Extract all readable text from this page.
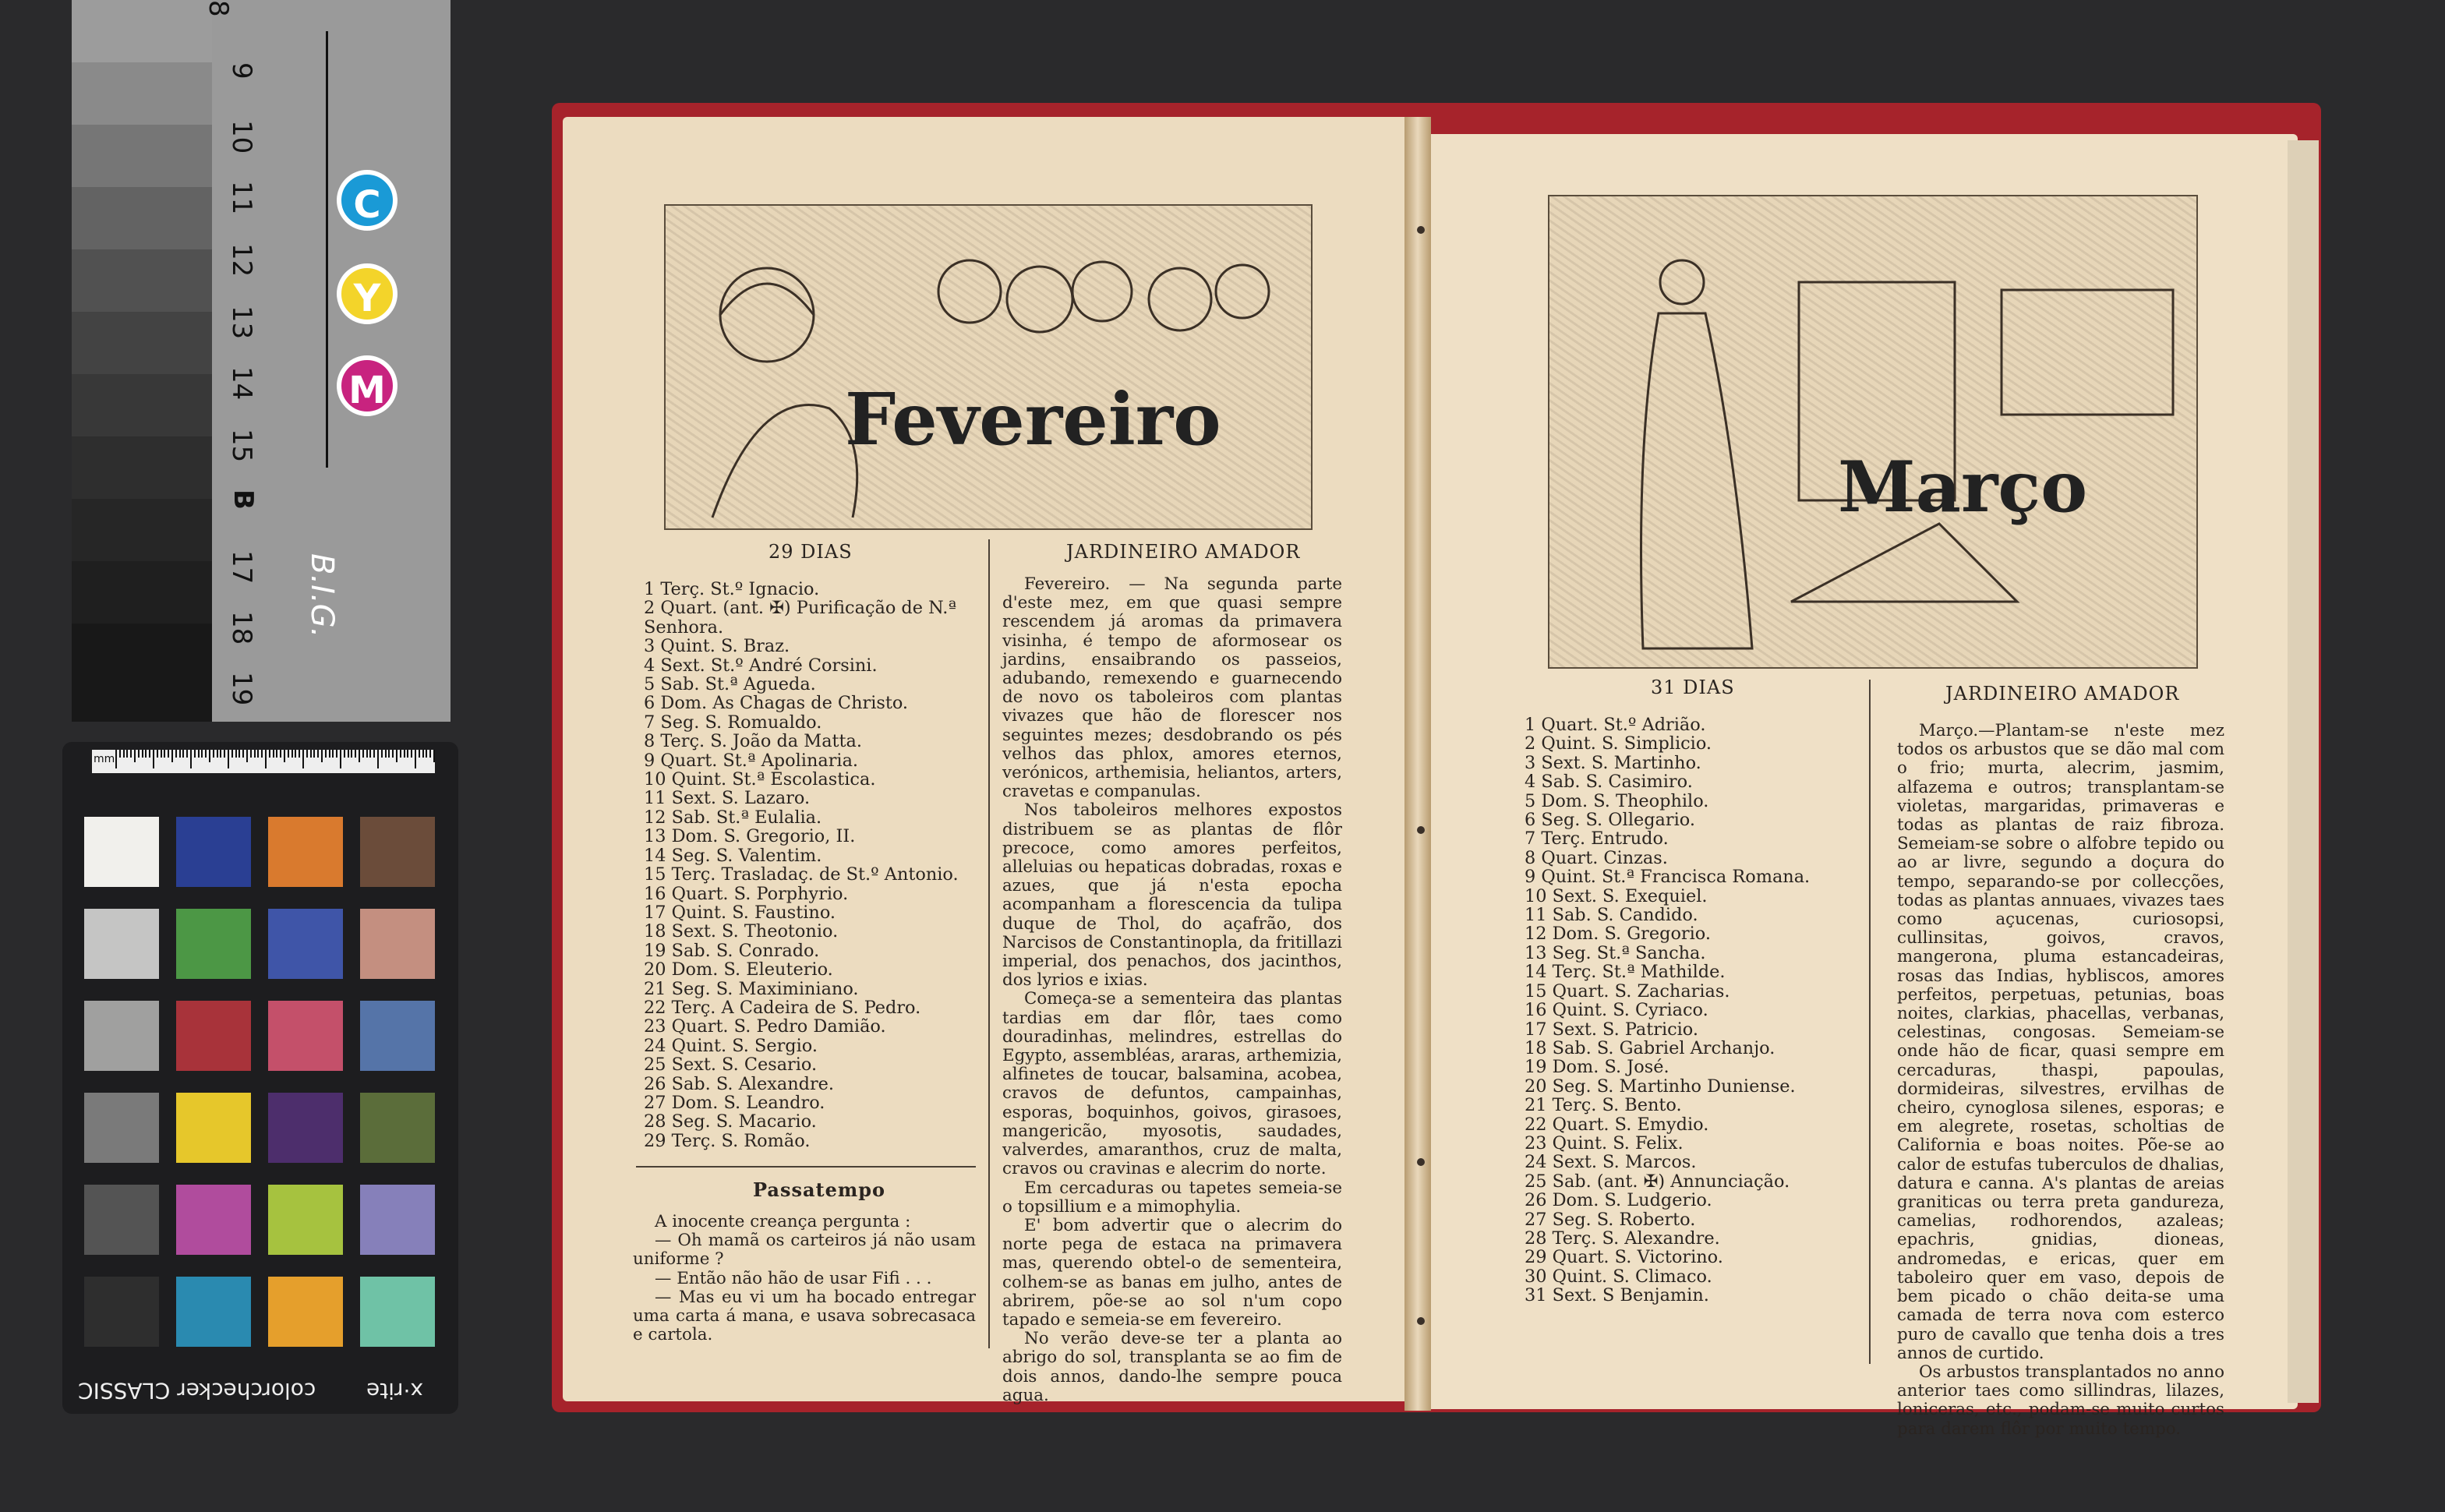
8
9
10
11
12
13
14
15
B
17
18
19
C
Y
M
B.I.G.
mm
x·rite
colorchecker CLASSIC
Fevereiro
29 DIAS	JARDINEIRO AMADOR
1 Terç. St.º Ignacio.
2 Quart. (ant. ✠) Purificação de N.ª
Senhora.
3 Quint. S. Braz.
4 Sext. St.º André Corsini.
5 Sab. St.ª Agueda.
6 Dom. As Chagas de Christo.
7 Seg. S. Romualdo.
8 Terç. S. João da Matta.
9 Quart. St.ª Apolinaria.
10 Quint. St.ª Escolastica.
11 Sext. S. Lazaro.
12 Sab. St.ª Eulalia.
13 Dom. S. Gregorio, II.
14 Seg. S. Valentim.
15 Terç. Trasladaç. de St.º Antonio.
16 Quart. S. Porphyrio.
17 Quint. S. Faustino.
18 Sext. S. Theotonio.
19 Sab. S. Conrado.
20 Dom. S. Eleuterio.
21 Seg. S. Maximiniano.
22 Terç. A Cadeira de S. Pedro.
23 Quart. S. Pedro Damião.
24 Quint. S. Sergio.
25 Sext. S. Cesario.
26 Sab. S. Alexandre.
27 Dom. S. Leandro.
28 Seg. S. Macario.
29 Terç. S. Romão.
Passatempo

A inocente creança pergunta :

— Oh mamã os carteiros já não usam uniforme ?

— Então não hão de usar Fifi . . .

— Mas eu vi um ha bocado entregar uma carta á mana, e usava sobrecasaca e cartola.

Fevereiro. — Na segunda parte d'este mez, em que quasi sempre rescendem já aromas da primavera visinha, é tempo de aformosear os jardins, ensaibrando os passeios, adubando, remexendo e guarnecendo de novo os taboleiros com plantas vivazes que hão de florescer nos seguintes mezes; desdobrando os pés velhos das phlox, amores eternos, verónicos, arthemisia, heliantos, arters, cravetas e companulas.

Nos taboleiros melhores expostos distribuem se as plantas de flôr precoce, como amores perfeitos, alleluias ou hepaticas dobradas, roxas e azues, que já n'esta epocha acompanham a florescencia da tulipa duque de Thol, do açafrão, dos Narcisos de Constantinopla, da fritillazi imperial, dos penachos, dos jacinthos, dos lyrios e ixias.

Começa-se a sementeira das plantas tardias em dar flôr, taes como douradinhas, melindres, estrellas do Egypto, assembléas, araras, arthemizia, alfinetes de toucar, balsamina, acobea, cravos de defuntos, campainhas, esporas, boquinhos, goivos, girasoes, mangericão, myosotis, saudades, valverdes, amaranthos, cruz de malta, cravos ou cravinas e alecrim do norte.

Em cercaduras ou tapetes semeia-se o topsillium e a mimophylia.

E' bom advertir que o alecrim do norte pega de estaca na primavera mas, querendo obtel-o de sementeira, colhem-se as banas em julho, antes de abrirem, põe-se ao sol n'um copo tapado e semeia-se em fevereiro.

No verão deve-se ter a planta ao abrigo do sol, transplanta se ao fim de dois annos, dando-lhe sempre pouca agua.

Março
31 DIAS	JARDINEIRO AMADOR
1 Quart. St.º Adrião.
2 Quint. S. Simplicio.
3 Sext. S. Martinho.
4 Sab. S. Casimiro.
5 Dom. S. Theophilo.
6 Seg. S. Ollegario.
7 Terç. Entrudo.
8 Quart. Cinzas.
9 Quint. St.ª Francisca Romana.
10 Sext. S. Exequiel.
11 Sab. S. Candido.
12 Dom. S. Gregorio.
13 Seg. St.ª Sancha.
14 Terç. St.ª Mathilde.
15 Quart. S. Zacharias.
16 Quint. S. Cyriaco.
17 Sext. S. Patricio.
18 Sab. S. Gabriel Archanjo.
19 Dom. S. José.
20 Seg. S. Martinho Duniense.
21 Terç. S. Bento.
22 Quart. S. Emydio.
23 Quint. S. Felix.
24 Sext. S. Marcos.
25 Sab. (ant. ✠) Annunciação.
26 Dom. S. Ludgerio.
27 Seg. S. Roberto.
28 Terç. S. Alexandre.
29 Quart. S. Victorino.
30 Quint. S. Climaco.
31 Sext. S Benjamin.

Março.—Plantam-se n'este mez todos os arbustos que se dão mal com o frio; murta, alecrim, jasmim, alfazema e outros; transplantam-se violetas, margaridas, primaveras e todas as plantas de raiz fibroza. Semeiam-se sobre o alfobre tepido ou ao ar livre, segundo a doçura do tempo, separando-se por collecções, todas as plantas annuaes, vivazes taes como açucenas, curiosopsi, cullinsitas, goivos, cravos, mangerona, pluma estancadeiras, rosas das Indias, hybliscos, amores perfeitos, perpetuas, petunias, boas noites, clarkias, phacellas, verbanas, celestinas, congosas. Semeiam-se onde hão de ficar, quasi sempre em cercaduras, thaspi, papoulas, dormideiras, silvestres, ervilhas de cheiro, cynoglosa silenes, esporas; e em alegrete, rosetas, scholtias de California e boas noites. Põe-se ao calor de estufas tuberculos de dhalias, datura e canna. A's plantas de areias graniticas ou terra preta gandureza, camelias, rodhorendos, azaleas; epachris, gnidias, dioneas, andromedas, e ericas, quer em taboleiro quer em vaso, depois de bem picado o chão deita-se uma camada de terra nova com esterco puro de cavallo que tenha dois a tres annos de curtido.

Os arbustos transplantados no anno anterior taes como sillindras, lilazes, loniceras, etc., podam-se muito curtos para darem flôr por muito tempo.
